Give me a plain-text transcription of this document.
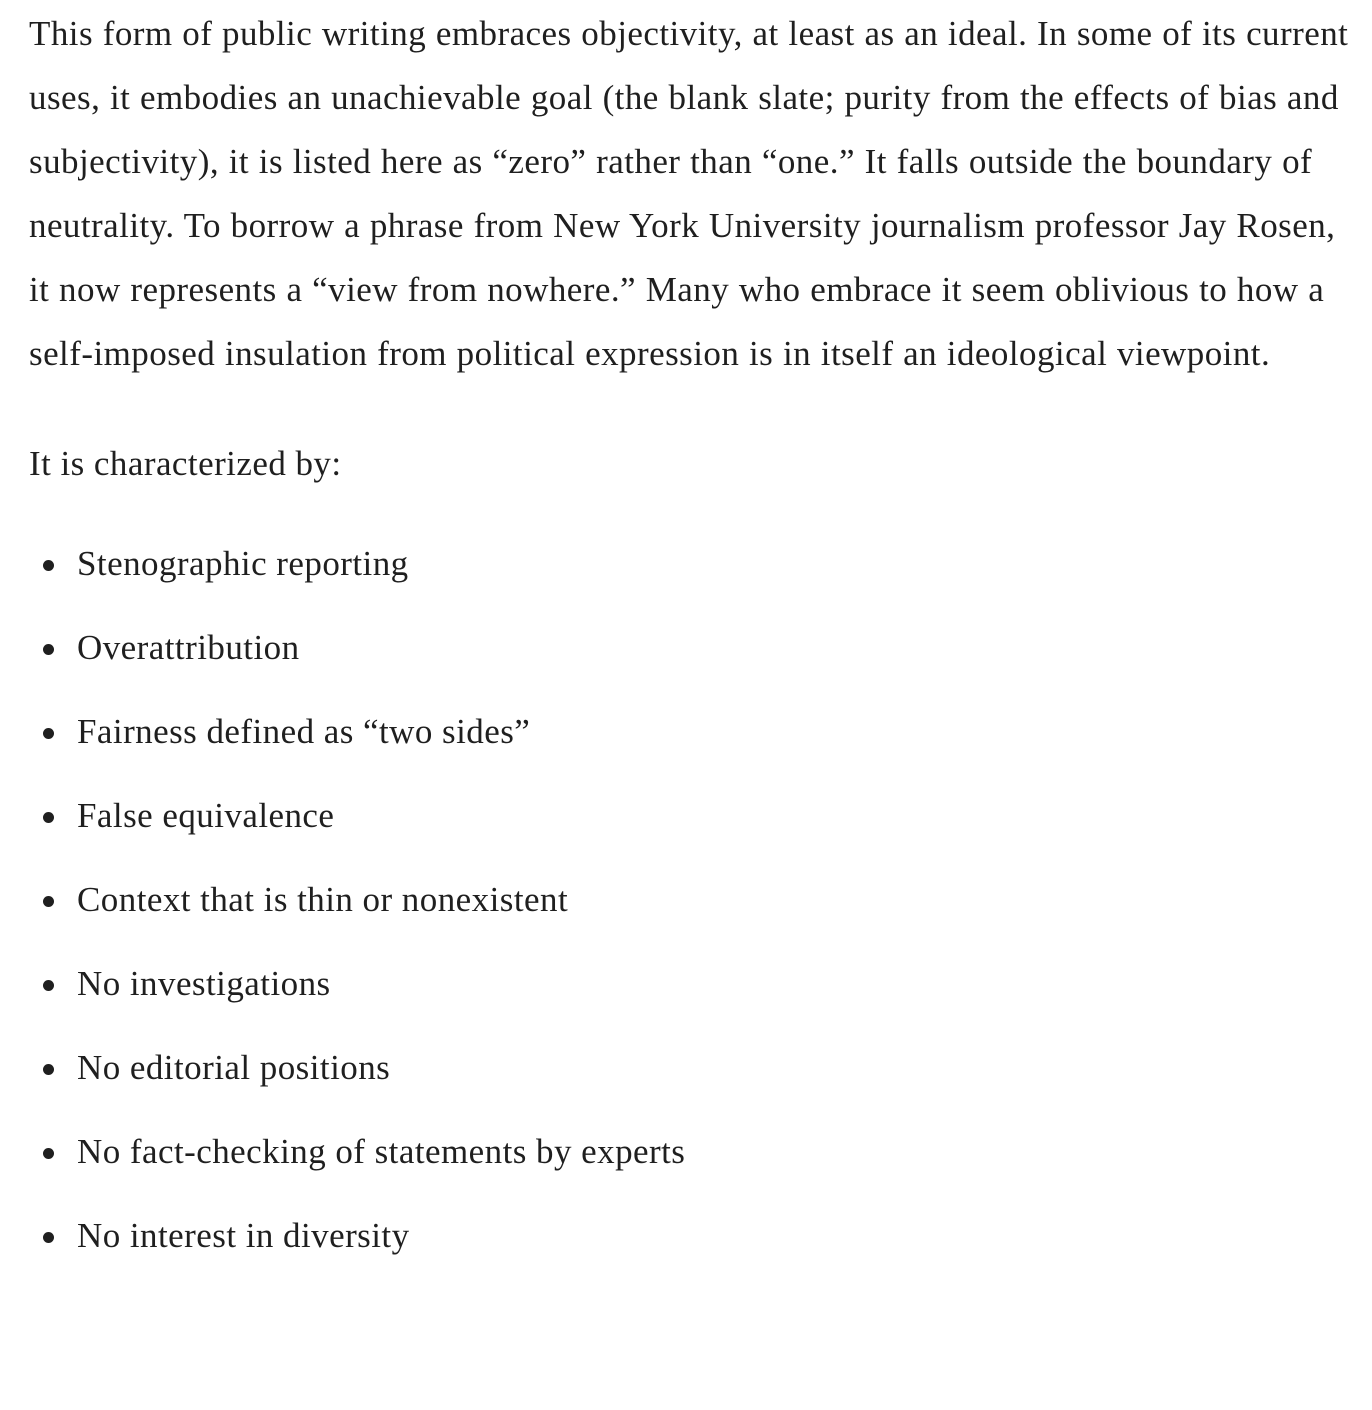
This form of public writing embraces objectivity, at least as an ideal. In some of its current uses, it embodies an unachievable goal (the blank slate; purity from the effects of bias and subjectivity), it is listed here as “zero” rather than “one.” It falls outside the boundary of neutrality. To borrow a phrase from New York University journalism professor Jay Rosen, it now represents a “view from nowhere.” Many who embrace it seem oblivious to how a self-imposed insulation from political expression is in itself an ideological viewpoint.

It is characterized by:

Stenographic reporting
Overattribution
Fairness defined as “two sides”
False equivalence
Context that is thin or nonexistent
No investigations
No editorial positions
No fact-checking of statements by experts
No interest in diversity
